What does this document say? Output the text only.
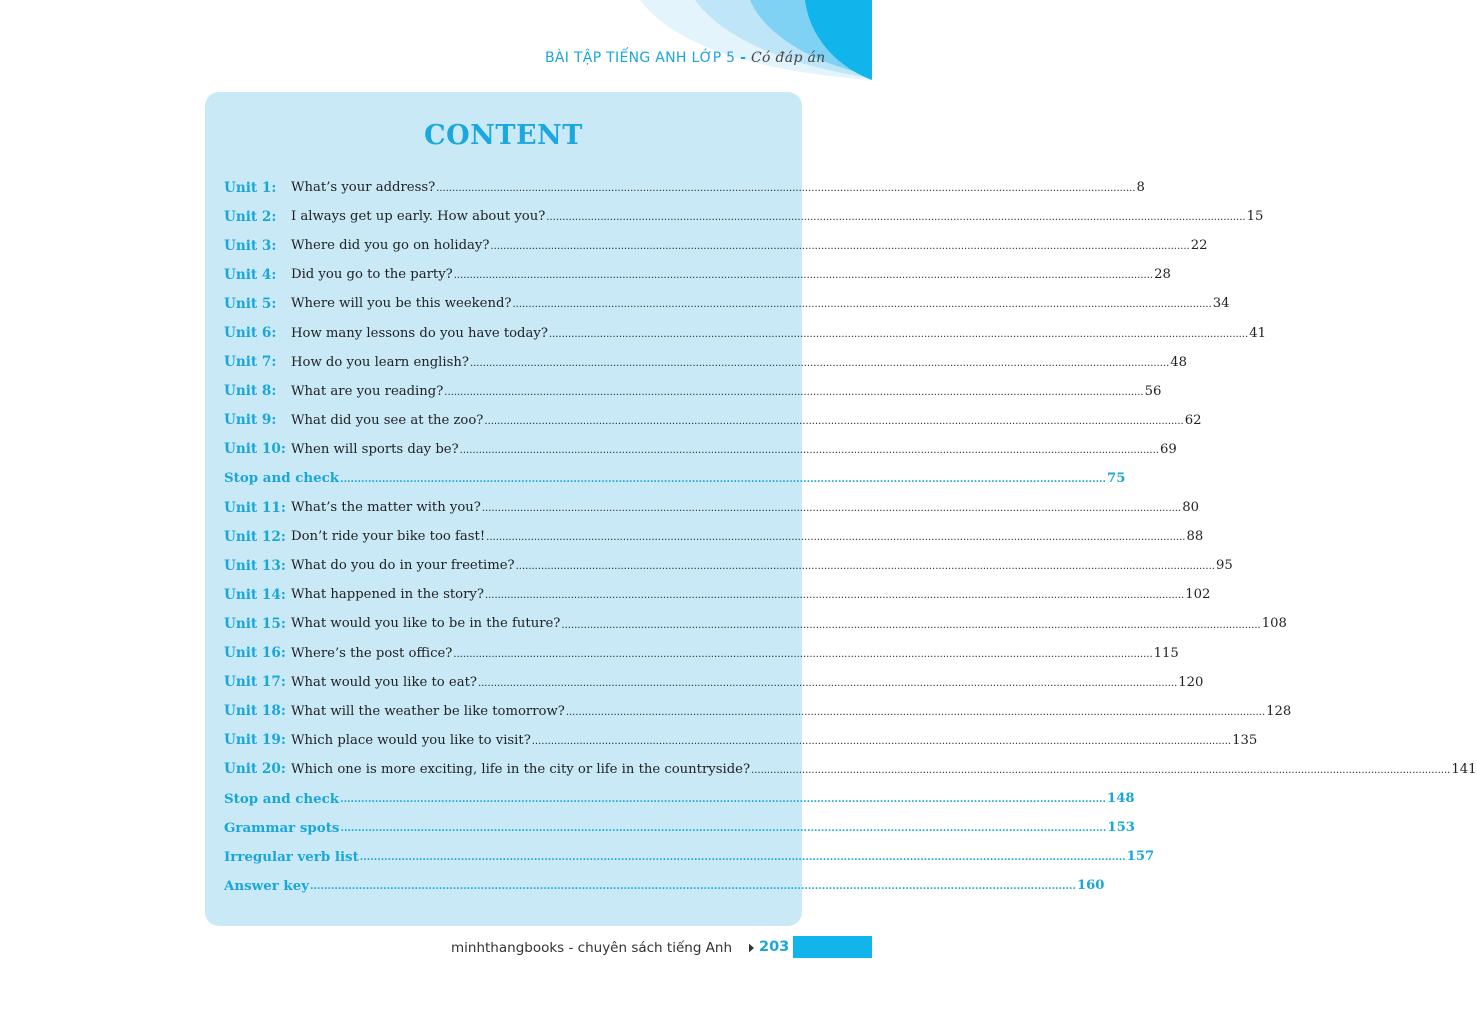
BÀI TẬP TIẾNG ANH LỚP 5 - Có đáp án
CONTENT
Unit 1:	What’s your address? ............................................................................................................................................................................................................................ 8
Unit 2:	I always get up early. How about you? ............................................................................................................................................................................................................................ 15
Unit 3:	Where did you go on holiday? ............................................................................................................................................................................................................................ 22
Unit 4:	Did you go to the party? ............................................................................................................................................................................................................................ 28
Unit 5:	Where will you be this weekend? ............................................................................................................................................................................................................................ 34
Unit 6:	How many lessons do you have today? ............................................................................................................................................................................................................................ 41
Unit 7:	How do you learn english? ............................................................................................................................................................................................................................ 48
Unit 8:	What are you reading? ............................................................................................................................................................................................................................ 56
Unit 9:	What did you see at the zoo? ............................................................................................................................................................................................................................ 62
Unit 10: When will sports day be? ............................................................................................................................................................................................................................ 69
Stop and check ............................................................................................................................................................................................................................ 75
Unit 11: What’s the matter with you? ............................................................................................................................................................................................................................ 80
Unit 12: Don’t ride your bike too fast! ............................................................................................................................................................................................................................ 88
Unit 13: What do you do in your freetime? ............................................................................................................................................................................................................................ 95
Unit 14: What happened in the story? ............................................................................................................................................................................................................................ 102
Unit 15: What would you like to be in the future? ............................................................................................................................................................................................................................ 108
Unit 16: Where’s the post office? ............................................................................................................................................................................................................................ 115
Unit 17: What would you like to eat? ............................................................................................................................................................................................................................ 120
Unit 18: What will the weather be like tomorrow? ............................................................................................................................................................................................................................ 128
Unit 19: Which place would you like to visit? ............................................................................................................................................................................................................................ 135
Unit 20: Which one is more exciting, life in the city or life in the countryside? ............................................................................................................................................................................................................................ 141
Stop and check ............................................................................................................................................................................................................................ 148
Grammar spots ............................................................................................................................................................................................................................ 153
Irregular verb list ............................................................................................................................................................................................................................ 157
Answer key ............................................................................................................................................................................................................................ 160
minhthangbooks - chuyên sách tiếng Anh 203
